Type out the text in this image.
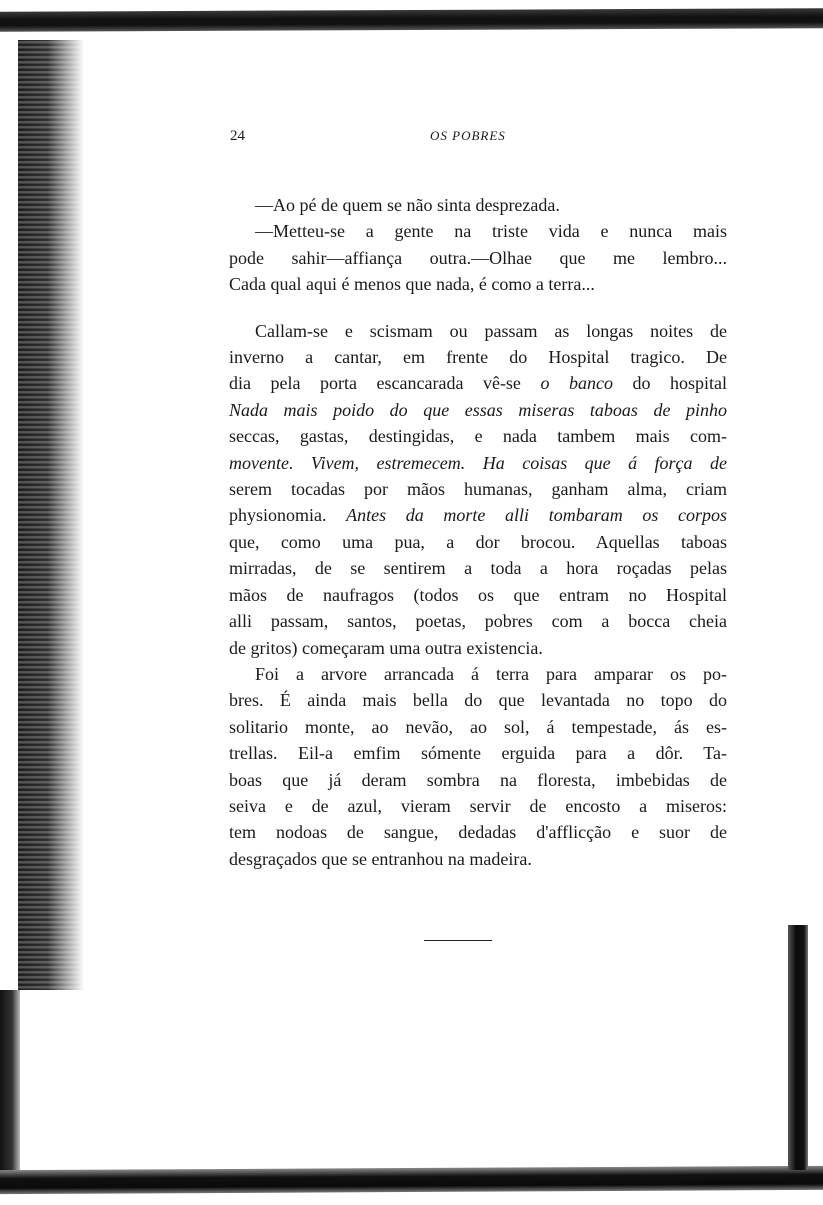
24	OS POBRES

—Ao pé de quem se não sinta desprezada.

—Metteu-se a gente na triste vida e nunca mais
pode sahir—affiança outra.—Olhae que me lembro...
Cada qual aqui é menos que nada, é como a terra...

Callam-se e scismam ou passam as longas noites de
inverno a cantar, em frente do Hospital tragico. De
dia pela porta escancarada vê-se o banco do hospital
Nada mais poido do que essas miseras taboas de pinho
seccas, gastas, destingidas, e nada tambem mais com-
movente. Vivem, estremecem. Ha coisas que á força de
serem tocadas por mãos humanas, ganham alma, criam
physionomia. Antes da morte alli tombaram os corpos
que, como uma pua, a dor brocou. Aquellas taboas
mirradas, de se sentirem a toda a hora roçadas pelas
mãos de naufragos (todos os que entram no Hospital
alli passam, santos, poetas, pobres com a bocca cheia
de gritos) começaram uma outra existencia.

Foi a arvore arrancada á terra para amparar os po-
bres. É ainda mais bella do que levantada no topo do
solitario monte, ao nevão, ao sol, á tempestade, ás es-
trellas. Eil-a emfim sómente erguida para a dôr. Ta-
boas que já deram sombra na floresta, imbebidas de
seiva e de azul, vieram servir de encosto a miseros:
tem nodoas de sangue, dedadas d'afflicção e suor de
desgraçados que se entranhou na madeira.
